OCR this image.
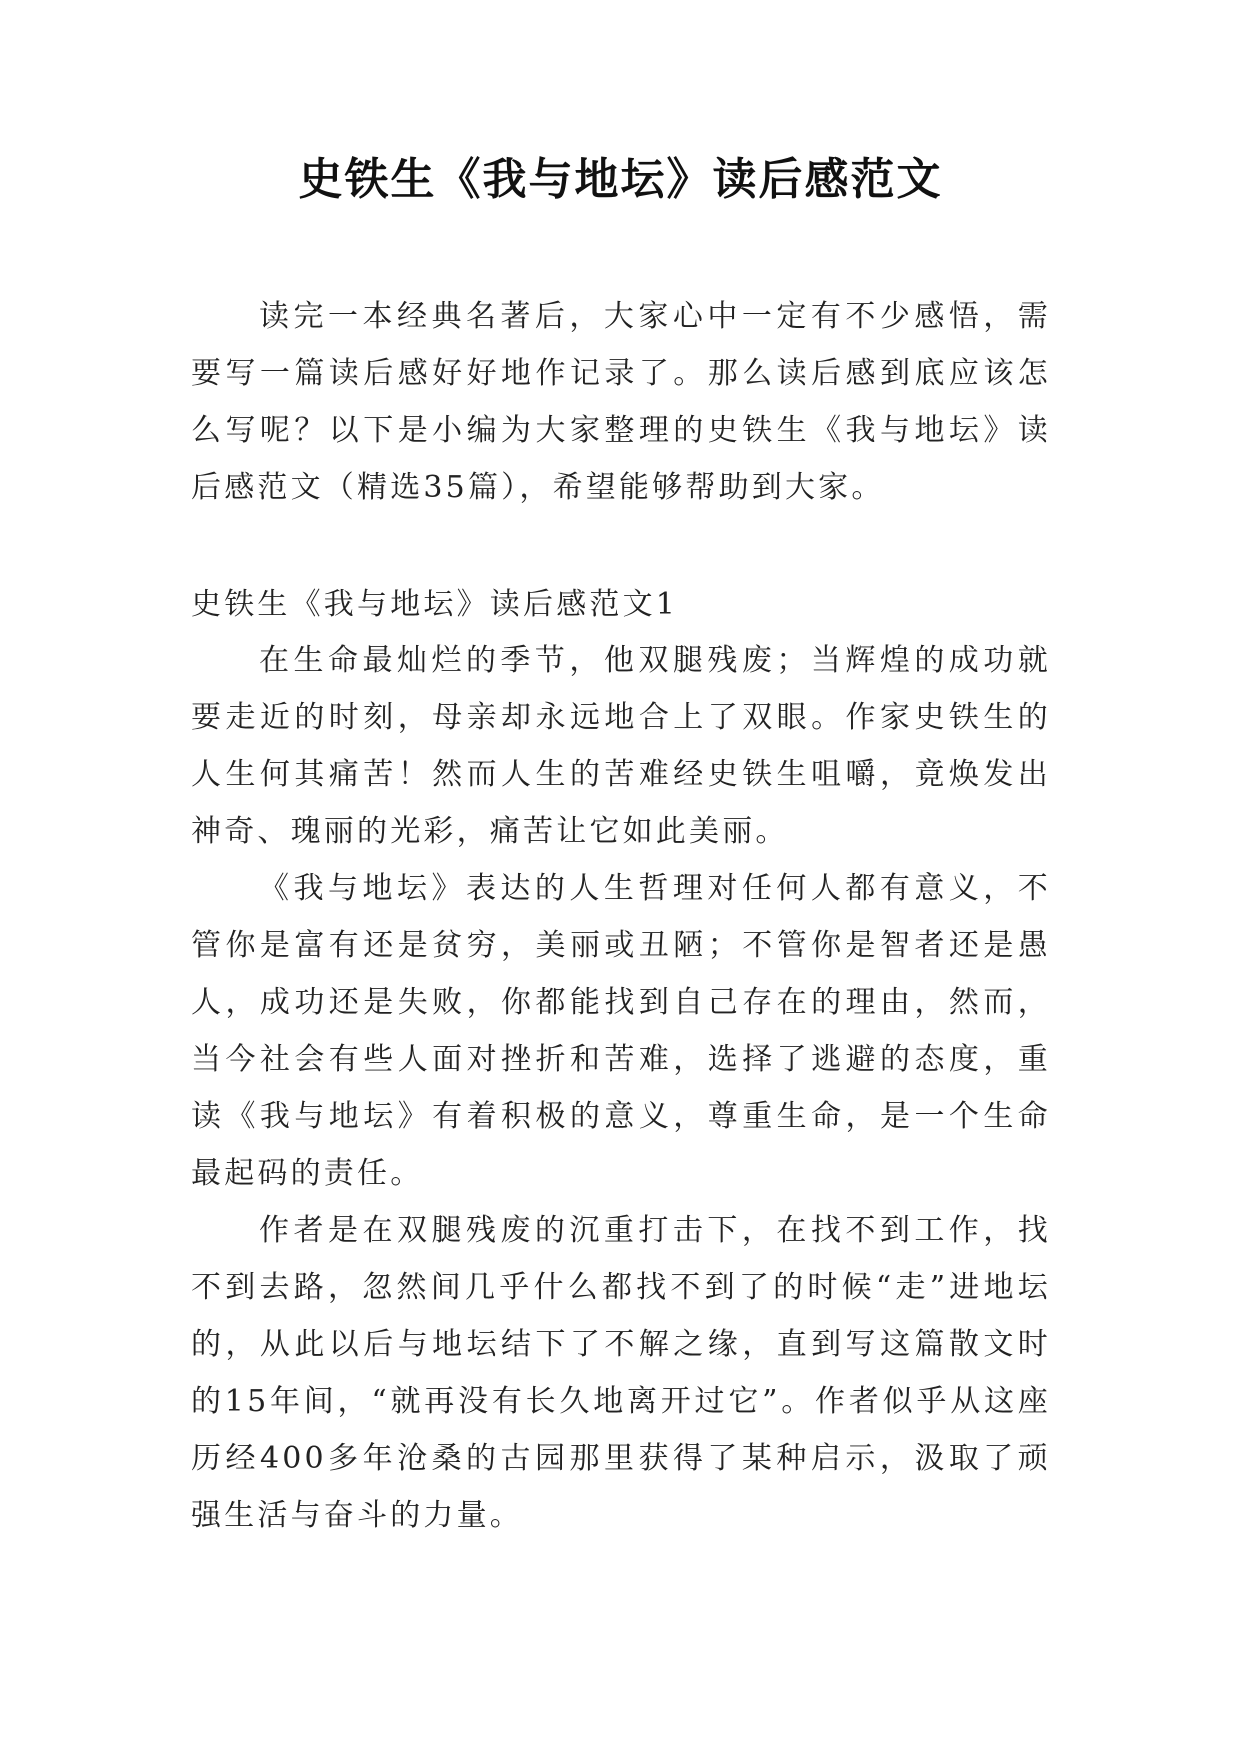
史铁生《我与地坛》读后感范文
读完一本经典名著后，大家心中一定有不少感悟，需要写一篇读后感好好地作记录了。那么读后感到底应该怎么写呢？以下是小编为大家整理的史铁生《我与地坛》读后感范文（精选35篇），希望能够帮助到大家。
史铁生《我与地坛》读后感范文1

在生命最灿烂的季节，他双腿残废；当辉煌的成功就要走近的时刻，母亲却永远地合上了双眼。作家史铁生的人生何其痛苦！然而人生的苦难经史铁生咀嚼，竟焕发出神奇、瑰丽的光彩，痛苦让它如此美丽。

《我与地坛》表达的人生哲理对任何人都有意义，不管你是富有还是贫穷，美丽或丑陋；不管你是智者还是愚人，成功还是失败，你都能找到自己存在的理由，然而，当今社会有些人面对挫折和苦难，选择了逃避的态度，重读《我与地坛》有着积极的意义，尊重生命，是一个生命最起码的责任。

作者是在双腿残废的沉重打击下，在找不到工作，找不到去路，忽然间几乎什么都找不到了的时候“走”进地坛的，从此以后与地坛结下了不解之缘，直到写这篇散文时的15年间，“就再没有长久地离开过它”。作者似乎从这座历经400多年沧桑的古园那里获得了某种启示，汲取了顽强生活与奋斗的力量。
